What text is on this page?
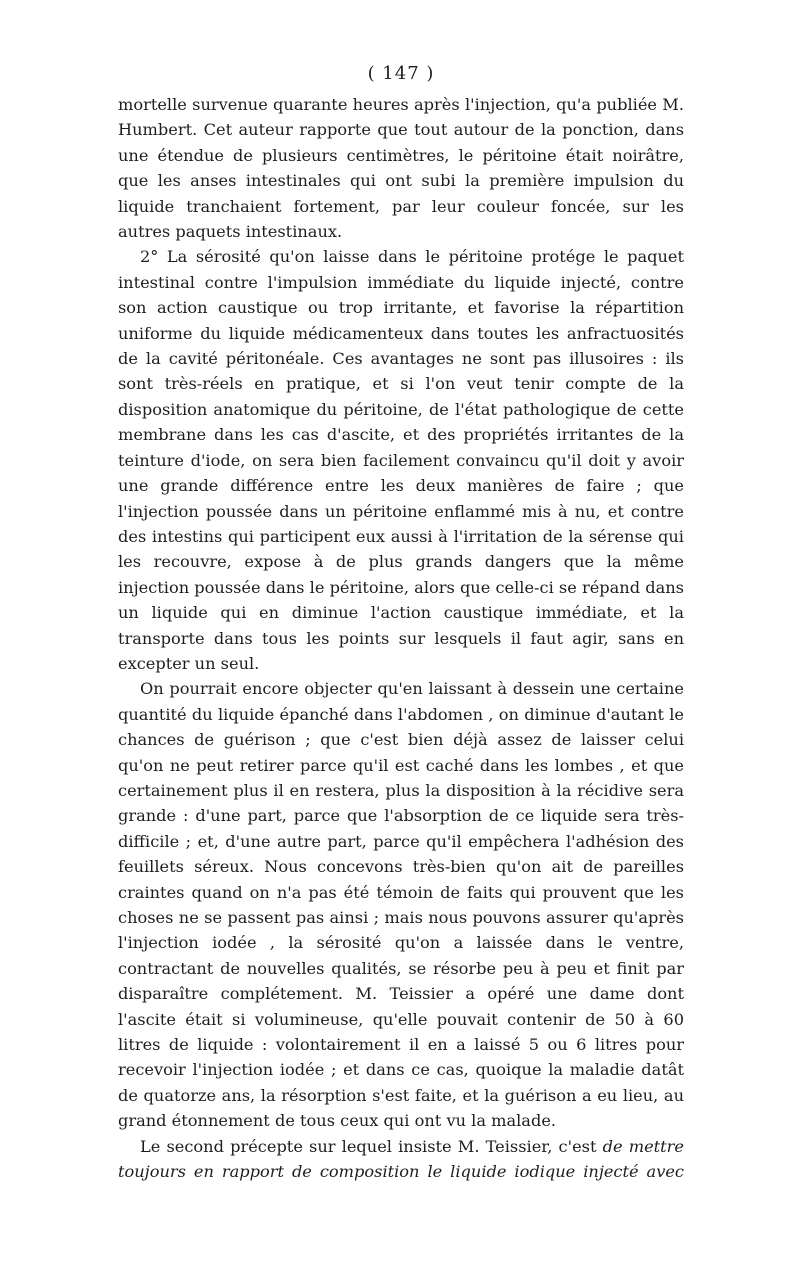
( 147 )

mortelle survenue quarante heures après l'injection, qu'a publiée M. Humbert. Cet auteur rapporte que tout autour de la ponction, dans une étendue de plusieurs centimètres, le péritoine était noirâtre, que les anses intestinales qui ont subi la première impulsion du liquide tranchaient fortement, par leur couleur foncée, sur les autres paquets intestinaux.

2° La sérosité qu'on laisse dans le péritoine protége le paquet intestinal contre l'impulsion immédiate du liquide injecté, contre son action caustique ou trop irritante, et favorise la répartition uniforme du liquide médicamenteux dans toutes les anfractuosités de la cavité péritonéale. Ces avantages ne sont pas illusoires : ils sont très-réels en pratique, et si l'on veut tenir compte de la disposition anatomique du péritoine, de l'état pathologique de cette membrane dans les cas d'ascite, et des propriétés irritantes de la teinture d'iode, on sera bien facilement convaincu qu'il doit y avoir une grande différence entre les deux manières de faire ; que l'injection poussée dans un péritoine enflammé mis à nu, et contre des intestins qui participent eux aussi à l'irritation de la sérense qui les recouvre, expose à de plus grands dangers que la même injection poussée dans le péritoine, alors que celle-ci se répand dans un liquide qui en diminue l'action caustique immédiate, et la transporte dans tous les points sur lesquels il faut agir, sans en excepter un seul.

On pourrait encore objecter qu'en laissant à dessein une certaine quantité du liquide épanché dans l'abdomen , on diminue d'autant le chances de guérison ; que c'est bien déjà assez de laisser celui qu'on ne peut retirer parce qu'il est caché dans les lombes , et que certainement plus il en restera, plus la disposition à la récidive sera grande : d'une part, parce que l'absorption de ce liquide sera très-difficile ; et, d'une autre part, parce qu'il empêchera l'adhésion des feuillets séreux. Nous concevons très-bien qu'on ait de pareilles craintes quand on n'a pas été témoin de faits qui prouvent que les choses ne se passent pas ainsi ; mais nous pouvons assurer qu'après l'injection iodée , la sérosité qu'on a laissée dans le ventre, contractant de nouvelles qualités, se résorbe peu à peu et finit par disparaître complétement. M. Teissier a opéré une dame dont l'ascite était si volumineuse, qu'elle pouvait contenir de 50 à 60 litres de liquide : volontairement il en a laissé 5 ou 6 litres pour recevoir l'injection iodée ; et dans ce cas, quoique la maladie datât de quatorze ans, la résorption s'est faite, et la guérison a eu lieu, au grand étonnement de tous ceux qui ont vu la malade.

Le second précepte sur lequel insiste M. Teissier, c'est de mettre toujours en rapport de composition le liquide iodique injecté avec
